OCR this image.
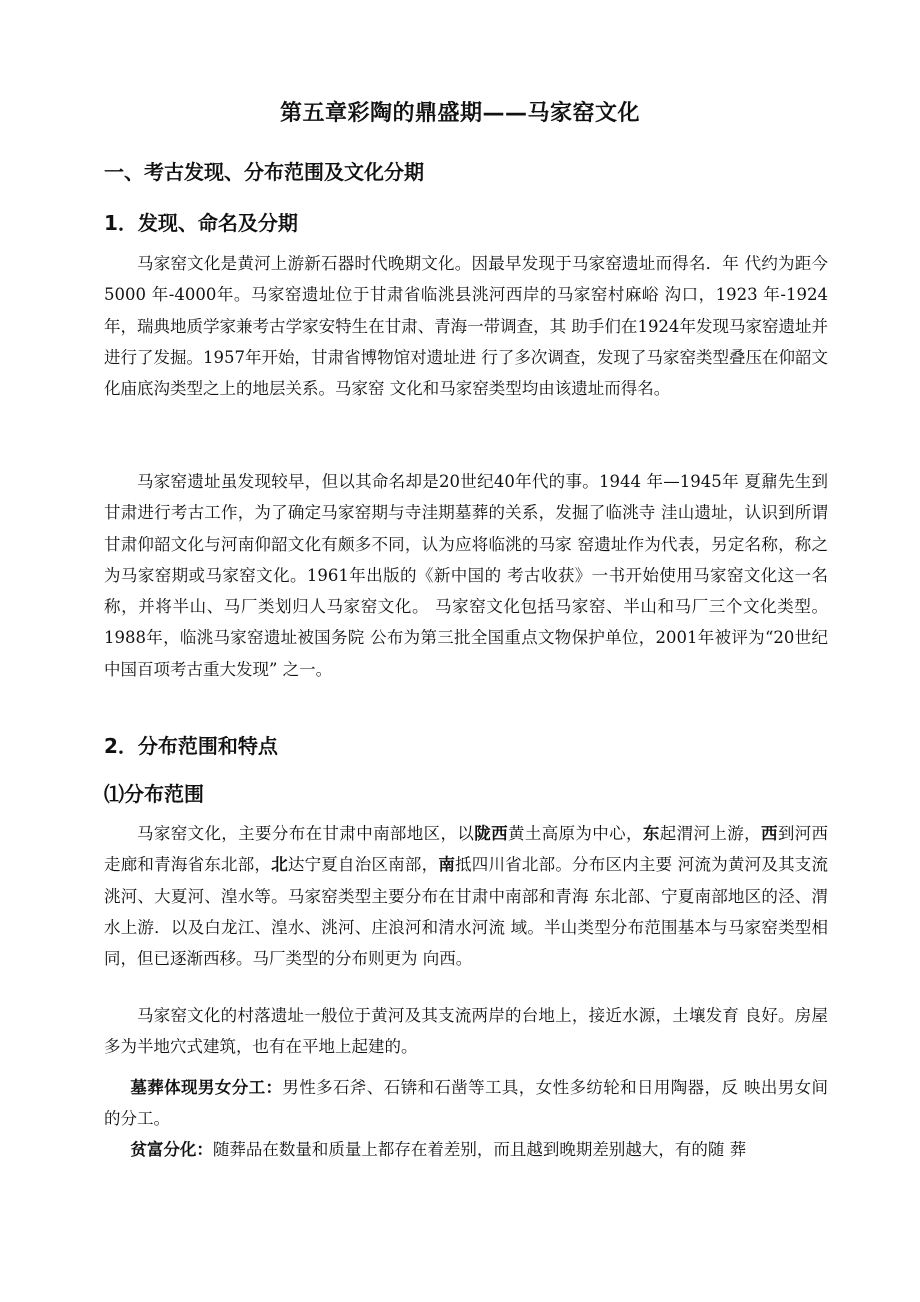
第五章彩陶的鼎盛期——马家窑文化
一、考古发现、分布范围及文化分期
1．发现、命名及分期

马家窑文化是黄河上游新石器时代晚期文化。因最早发现于马家窑遗址而得名．年 代约为距今5000 年-4000年。马家窑遗址位于甘肃省临洮县洮河西岸的马家窑村麻峪 沟口，1923 年-1924年，瑞典地质学家兼考古学家安特生在甘肃、青海一带调查，其 助手们在1924年发现马家窑遗址并进行了发掘。1957年开始，甘肃省博物馆对遗址进 行了多次调查，发现了马家窑类型叠压在仰韶文化庙底沟类型之上的地层关系。马家窑 文化和马家窑类型均由该遗址而得名。

马家窑遗址虽发现较早，但以其命名却是20世纪40年代的事。1944 年—1945年 夏鼐先生到甘肃进行考古工作，为了确定马家窑期与寺洼期墓葬的关系，发掘了临洮寺 洼山遗址，认识到所谓甘肃仰韶文化与河南仰韶文化有颇多不同，认为应将临洮的马家 窑遗址作为代表，另定名称，称之为马家窑期或马家窑文化。1961年出版的《新中国的 考古收获》一书开始使用马家窑文化这一名称，并将半山、马厂类划归人马家窑文化。 马家窑文化包括马家窑、半山和马厂三个文化类型。1988年，临洮马家窑遗址被国务院 公布为第三批全国重点文物保护单位，2001年被评为“20世纪中国百项考古重大发现” 之一。

2．分布范围和特点
⑴分布范围

马家窑文化，主要分布在甘肃中南部地区，以陇西黄土高原为中心，东起渭河上游，西到河西走廊和青海省东北部，北达宁夏自治区南部，南抵四川省北部。分布区内主要 河流为黄河及其支流洮河、大夏河、湟水等。马家窑类型主要分布在甘肃中南部和青海 东北部、宁夏南部地区的泾、渭水上游．以及白龙江、湟水、洮河、庄浪河和清水河流 域。半山类型分布范围基本与马家窑类型相同，但已逐渐西移。马厂类型的分布则更为 向西。

马家窑文化的村落遗址一般位于黄河及其支流两岸的台地上，接近水源，土壤发育 良好。房屋多为半地穴式建筑，也有在平地上起建的。

墓葬体现男女分工：男性多石斧、石锛和石凿等工具，女性多纺轮和日用陶器，反 映出男女间的分工。

贫富分化：随葬品在数量和质量上都存在着差别，而且越到晚期差别越大，有的随 葬
